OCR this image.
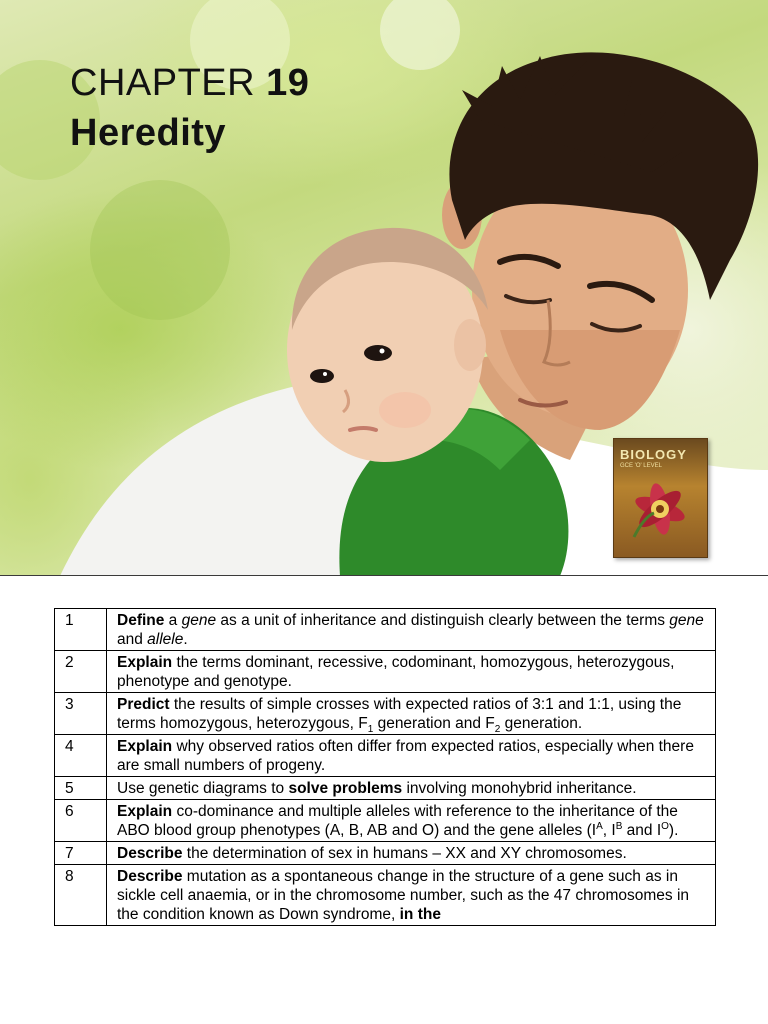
CHAPTER 19
Heredity
BIOLOGY
GCE 'O' LEVEL
1	Define a gene as a unit of inheritance and distinguish clearly between the terms gene and allele.
2	Explain the terms dominant, recessive, codominant, homozygous, heterozygous, phenotype and genotype.
3	Predict the results of simple crosses with expected ratios of 3:1 and 1:1, using the terms homozygous, heterozygous, $F_1$ generation and $F_2$ generation.
4	Explain why observed ratios often differ from expected ratios, especially when there are small numbers of progeny.
5	Use genetic diagrams to solve problems involving monohybrid inheritance.
6	Explain co-dominance and multiple alleles with reference to the inheritance of the ABO blood group phenotypes (A, B, AB and O) and the gene alleles ($I^A$, $I^B$ and $I^O$).
7	Describe the determination of sex in humans – XX and XY chromosomes.
8	Describe mutation as a spontaneous change in the structure of a gene such as in sickle cell anaemia, or in the chromosome number, such as the 47 chromosomes in the condition known as Down syndrome, in the
